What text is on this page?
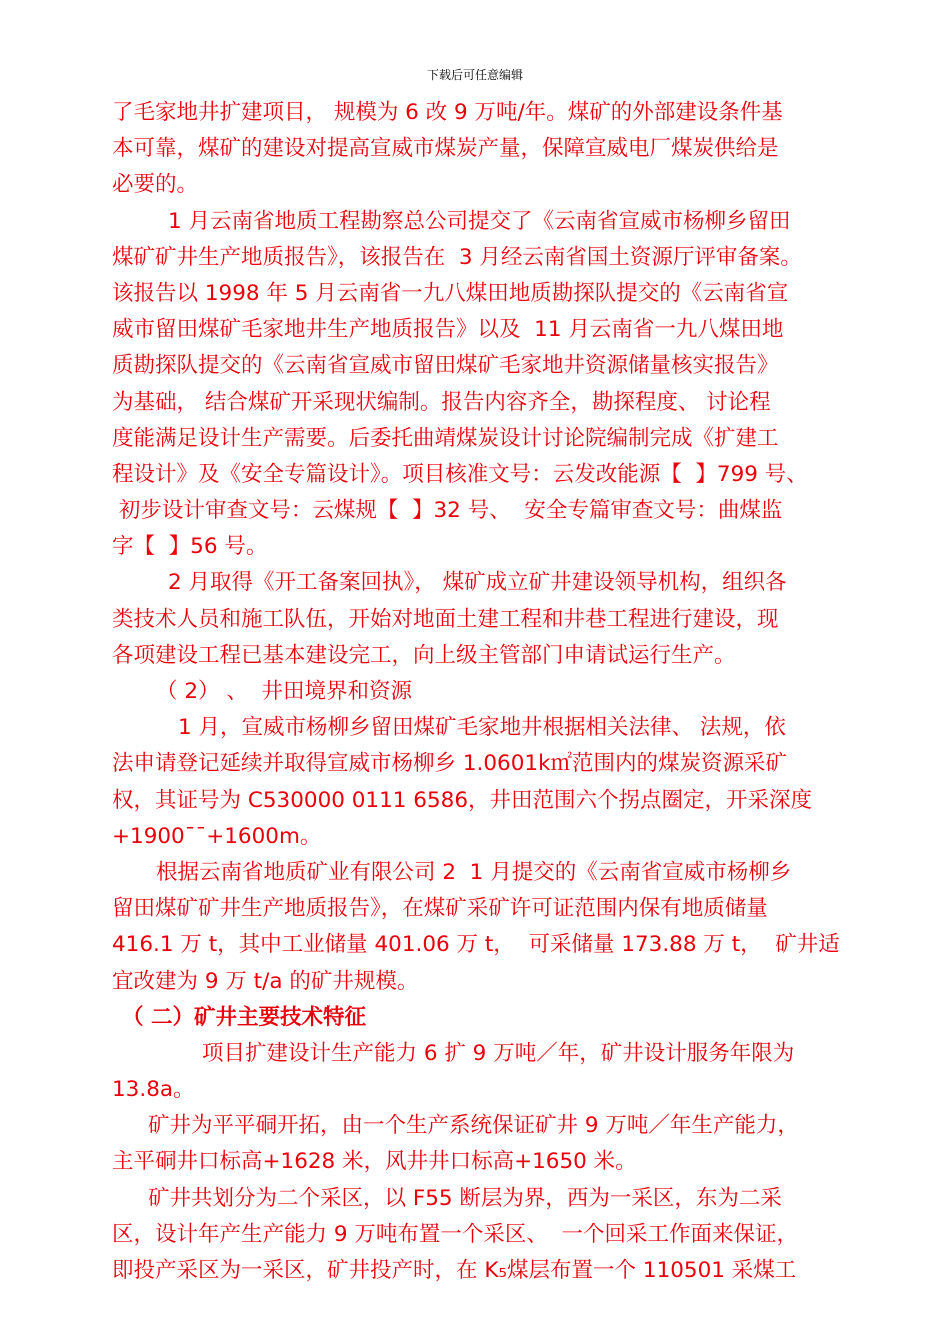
下载后可任意编辑
了毛家地井扩建项目， 规模为 6 改 9 万吨/年。煤矿的外部建设条件基
本可靠，煤矿的建设对提高宣威市煤炭产量，保障宣威电厂煤炭供给是
必要的。
1 月云南省地质工程勘察总公司提交了《云南省宣威市杨柳乡留田
煤矿矿井生产地质报告》，该报告在  3 月经云南省国土资源厅评审备案。
该报告以 1998 年 5 月云南省一九八煤田地质勘探队提交的《云南省宣
威市留田煤矿毛家地井生产地质报告》以及  11 月云南省一九八煤田地
质勘探队提交的《云南省宣威市留田煤矿毛家地井资源储量核实报告》
为基础， 结合煤矿开采现状编制。报告内容齐全，勘探程度、 讨论程
度能满足设计生产需要。后委托曲靖煤炭设计讨论院编制完成《扩建工
程设计》及《安全专篇设计》。项目核准文号：云发改能源【  】799 号、
初步设计审查文号：云煤规【  】32 号、  安全专篇审查文号：曲煤监
字【  】56 号。
2 月取得《开工备案回执》， 煤矿成立矿井建设领导机构，组织各
类技术人员和施工队伍，开始对地面土建工程和井巷工程进行建设，现
各项建设工程已基本建设完工，向上级主管部门申请试运行生产。
（ 2） 、  井田境界和资源
1 月，宣威市杨柳乡留田煤矿毛家地井根据相关法律、 法规，依
法申请登记延续并取得宣威市杨柳乡 1.0601k㎡范围内的煤炭资源采矿
权，其证号为 C530000 0111 6586，井田范围六个拐点圈定，开采深度
+1900¯¯+1600m。
根据云南省地质矿业有限公司 2  1 月提交的《云南省宣威市杨柳乡
留田煤矿矿井生产地质报告》，在煤矿采矿许可证范围内保有地质储量
416.1 万 t，其中工业储量 401.06 万 t，  可采储量 173.88 万 t，  矿井适
宜改建为 9 万 t/a 的矿井规模。
（ 二）矿井主要技术特征
项目扩建设计生产能力 6 扩 9 万吨／年，矿井设计服务年限为
13.8a。
矿井为平平硐开拓，由一个生产系统保证矿井 9 万吨／年生产能力，
主平硐井口标高+1628 米，风井井口标高+1650 米。
矿井共划分为二个采区，以 F55 断层为界，西为一采区，东为二采
区，设计年产生产能力 9 万吨布置一个采区、  一个回采工作面来保证，
即投产采区为一采区，矿井投产时，在 K₅煤层布置一个 110501 采煤工
